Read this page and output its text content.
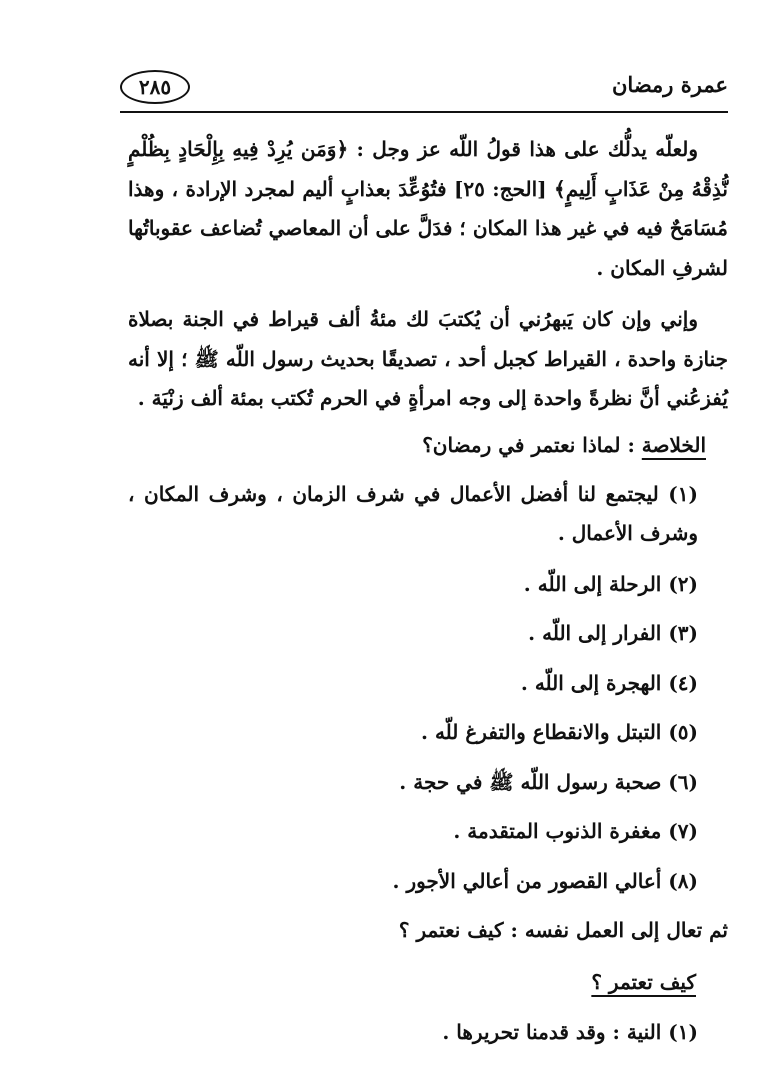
عمرة رمضان
٢٨٥

ولعلّه يدلُّك على هذا قولُ اللّه عز وجل : ﴿وَمَن يُرِدْ فِيهِ بِإِلْحَادٍ بِظُلْمٍ نُّذِقْهُ مِنْ عَذَابٍ أَلِيمٍ﴾ [الحج: ٢٥] فتُوُعِّدَ بعذابٍ أليم لمجرد الإرادة ، وهذا مُسَامَحٌ فيه في غير هذا المكان ؛ فدَلَّ على أن المعاصي تُضاعف عقوباتُها لشرفِ المكان .

وإني وإن كان يَبهرُني أن يُكتبَ لك مئةُ ألف قيراط في الجنة بصلاة جنازة واحدة ، القيراط كجبل أحد ، تصديقًا بحديث رسول اللّه ﷺ ؛ إلا أنه يُفزعُني أنَّ نظرةً واحدة إلى وجه امرأةٍ في الحرم تُكتب بمئة ألف زنْيَة .

الخلاصة : لماذا نعتمر في رمضان؟

(١) ليجتمع لنا أفضل الأعمال في شرف الزمان ، وشرف المكان ، وشرف الأعمال .

(٢) الرحلة إلى اللّه .

(٣) الفرار إلى اللّه .

(٤) الهجرة إلى اللّه .

(٥) التبتل والانقطاع والتفرغ للّه .

(٦) صحبة رسول اللّه ﷺ في حجة .

(٧) مغفرة الذنوب المتقدمة .

(٨) أعالي القصور من أعالي الأجور .

ثم تعال إلى العمل نفسه : كيف نعتمر ؟

كيف تعتمر ؟

(١) النية : وقد قدمنا تحريرها .
